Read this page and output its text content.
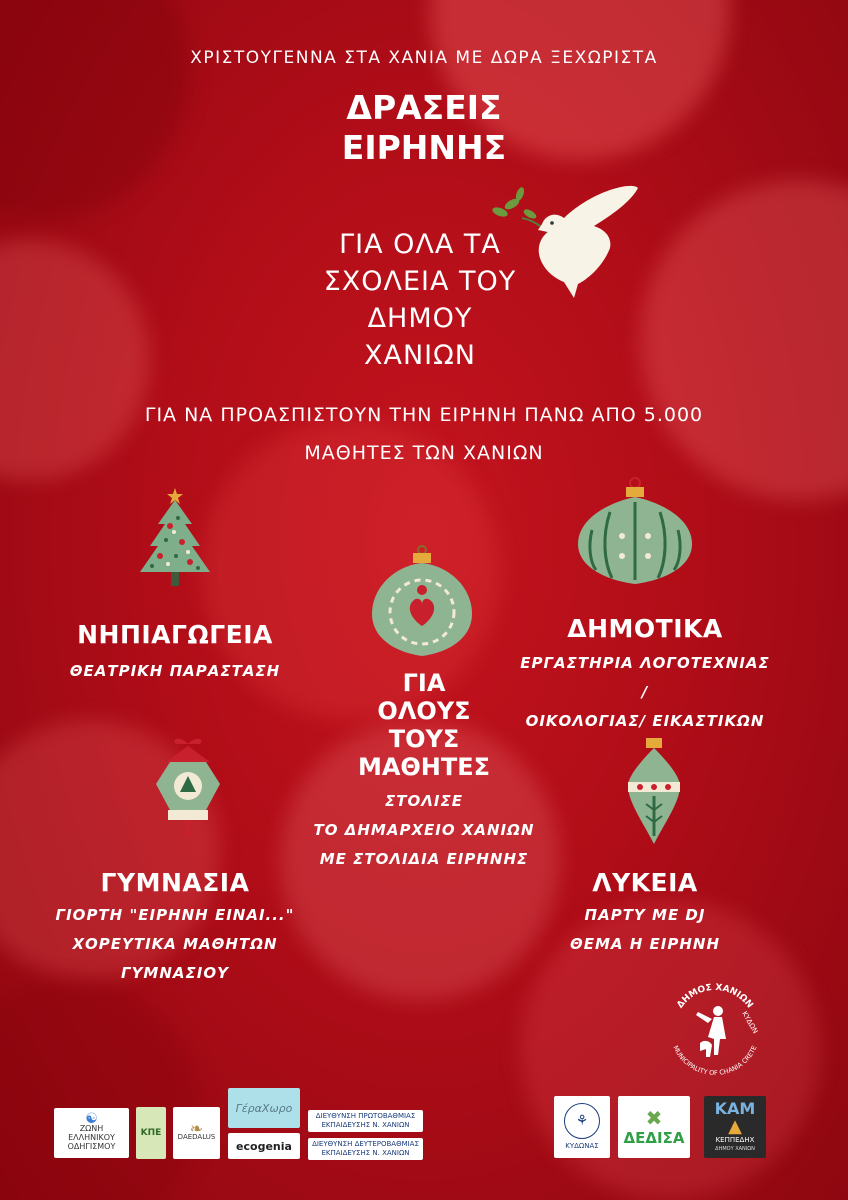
ΧΡΙΣΤΟΥΓΕΝΝΑ ΣΤΑ ΧΑΝΙΑ ΜΕ ΔΩΡΑ ΞΕΧΩΡΙΣΤΑ
ΔΡΑΣΕΙΣ
ΕΙΡΗΝΗΣ
ΓΙΑ ΟΛΑ ΤΑ
ΣΧΟΛΕΙΑ ΤΟΥ
ΔΗΜΟΥ
ΧΑΝΙΩΝ
ΓΙΑ ΝΑ ΠΡΟΑΣΠΙΣΤΟΥΝ ΤΗΝ ΕΙΡΗΝΗ ΠΑΝΩ ΑΠΟ 5.000
ΜΑΘΗΤΕΣ ΤΩΝ ΧΑΝΙΩΝ
ΝΗΠΙΑΓΩΓΕΙΑ
ΘΕΑΤΡΙΚΗ ΠΑΡΑΣΤΑΣΗ
ΔΗΜΟΤΙΚΑ
ΕΡΓΑΣΤΗΡΙΑ ΛΟΓΟΤΕΧΝΙΑΣ /
ΟΙΚΟΛΟΓΙΑΣ/ ΕΙΚΑΣΤΙΚΩΝ
ΓΙΑ
ΟΛΟΥΣ
ΤΟΥΣ
ΜΑΘΗΤΕΣ
ΣΤΟΛΙΣΕ
ΤΟ ΔΗΜΑΡΧΕΙΟ ΧΑΝΙΩΝ
ΜΕ ΣΤΟΛΙΔΙΑ ΕΙΡΗΝΗΣ
ΓΥΜΝΑΣΙΑ
ΓΙΟΡΤΗ "ΕΙΡΗΝΗ ΕΙΝΑΙ..."
ΧΟΡΕΥΤΙΚΑ ΜΑΘΗΤΩΝ
ΓΥΜΝΑΣΙΟΥ
ΛΥΚΕΙΑ
ΠΑΡΤΥ ΜΕ DJ
ΘΕΜΑ Η ΕΙΡΗΝΗ
ΔΗΜΟΣ ΧΑΝΙΩΝ
MUNICIPALITY OF CHANIA CRETE
ΚΥΔΩΝ
☯
ΖΩΝΗ
ΕΛΛΗΝΙΚΟΥ
ΟΔΗΓΙΣΜΟΥ
ΚΠΕ	❧
DAEDALUS
ΓέραΧωρο
ecogenia
ΔΙΕΥΘΥΝΣΗ ΠΡΩΤΟΒΑΘΜΙΑΣ
ΕΚΠΑΙΔΕΥΣΗΣ Ν. ΧΑΝΙΩΝ
ΔΙΕΥΘΥΝΣΗ ΔΕΥΤΕΡΟΒΑΘΜΙΑΣ
ΕΚΠΑΙΔΕΥΣΗΣ Ν. ΧΑΝΙΩΝ
⚘
ΚΥΔΩΝΑΣ
✖
ΔΕΔΙΣΑ
ΚΑΜ
▲
ΚΕΠΠΕΔΗΧ
ΔΗΜΟΥ ΧΑΝΙΩΝ
